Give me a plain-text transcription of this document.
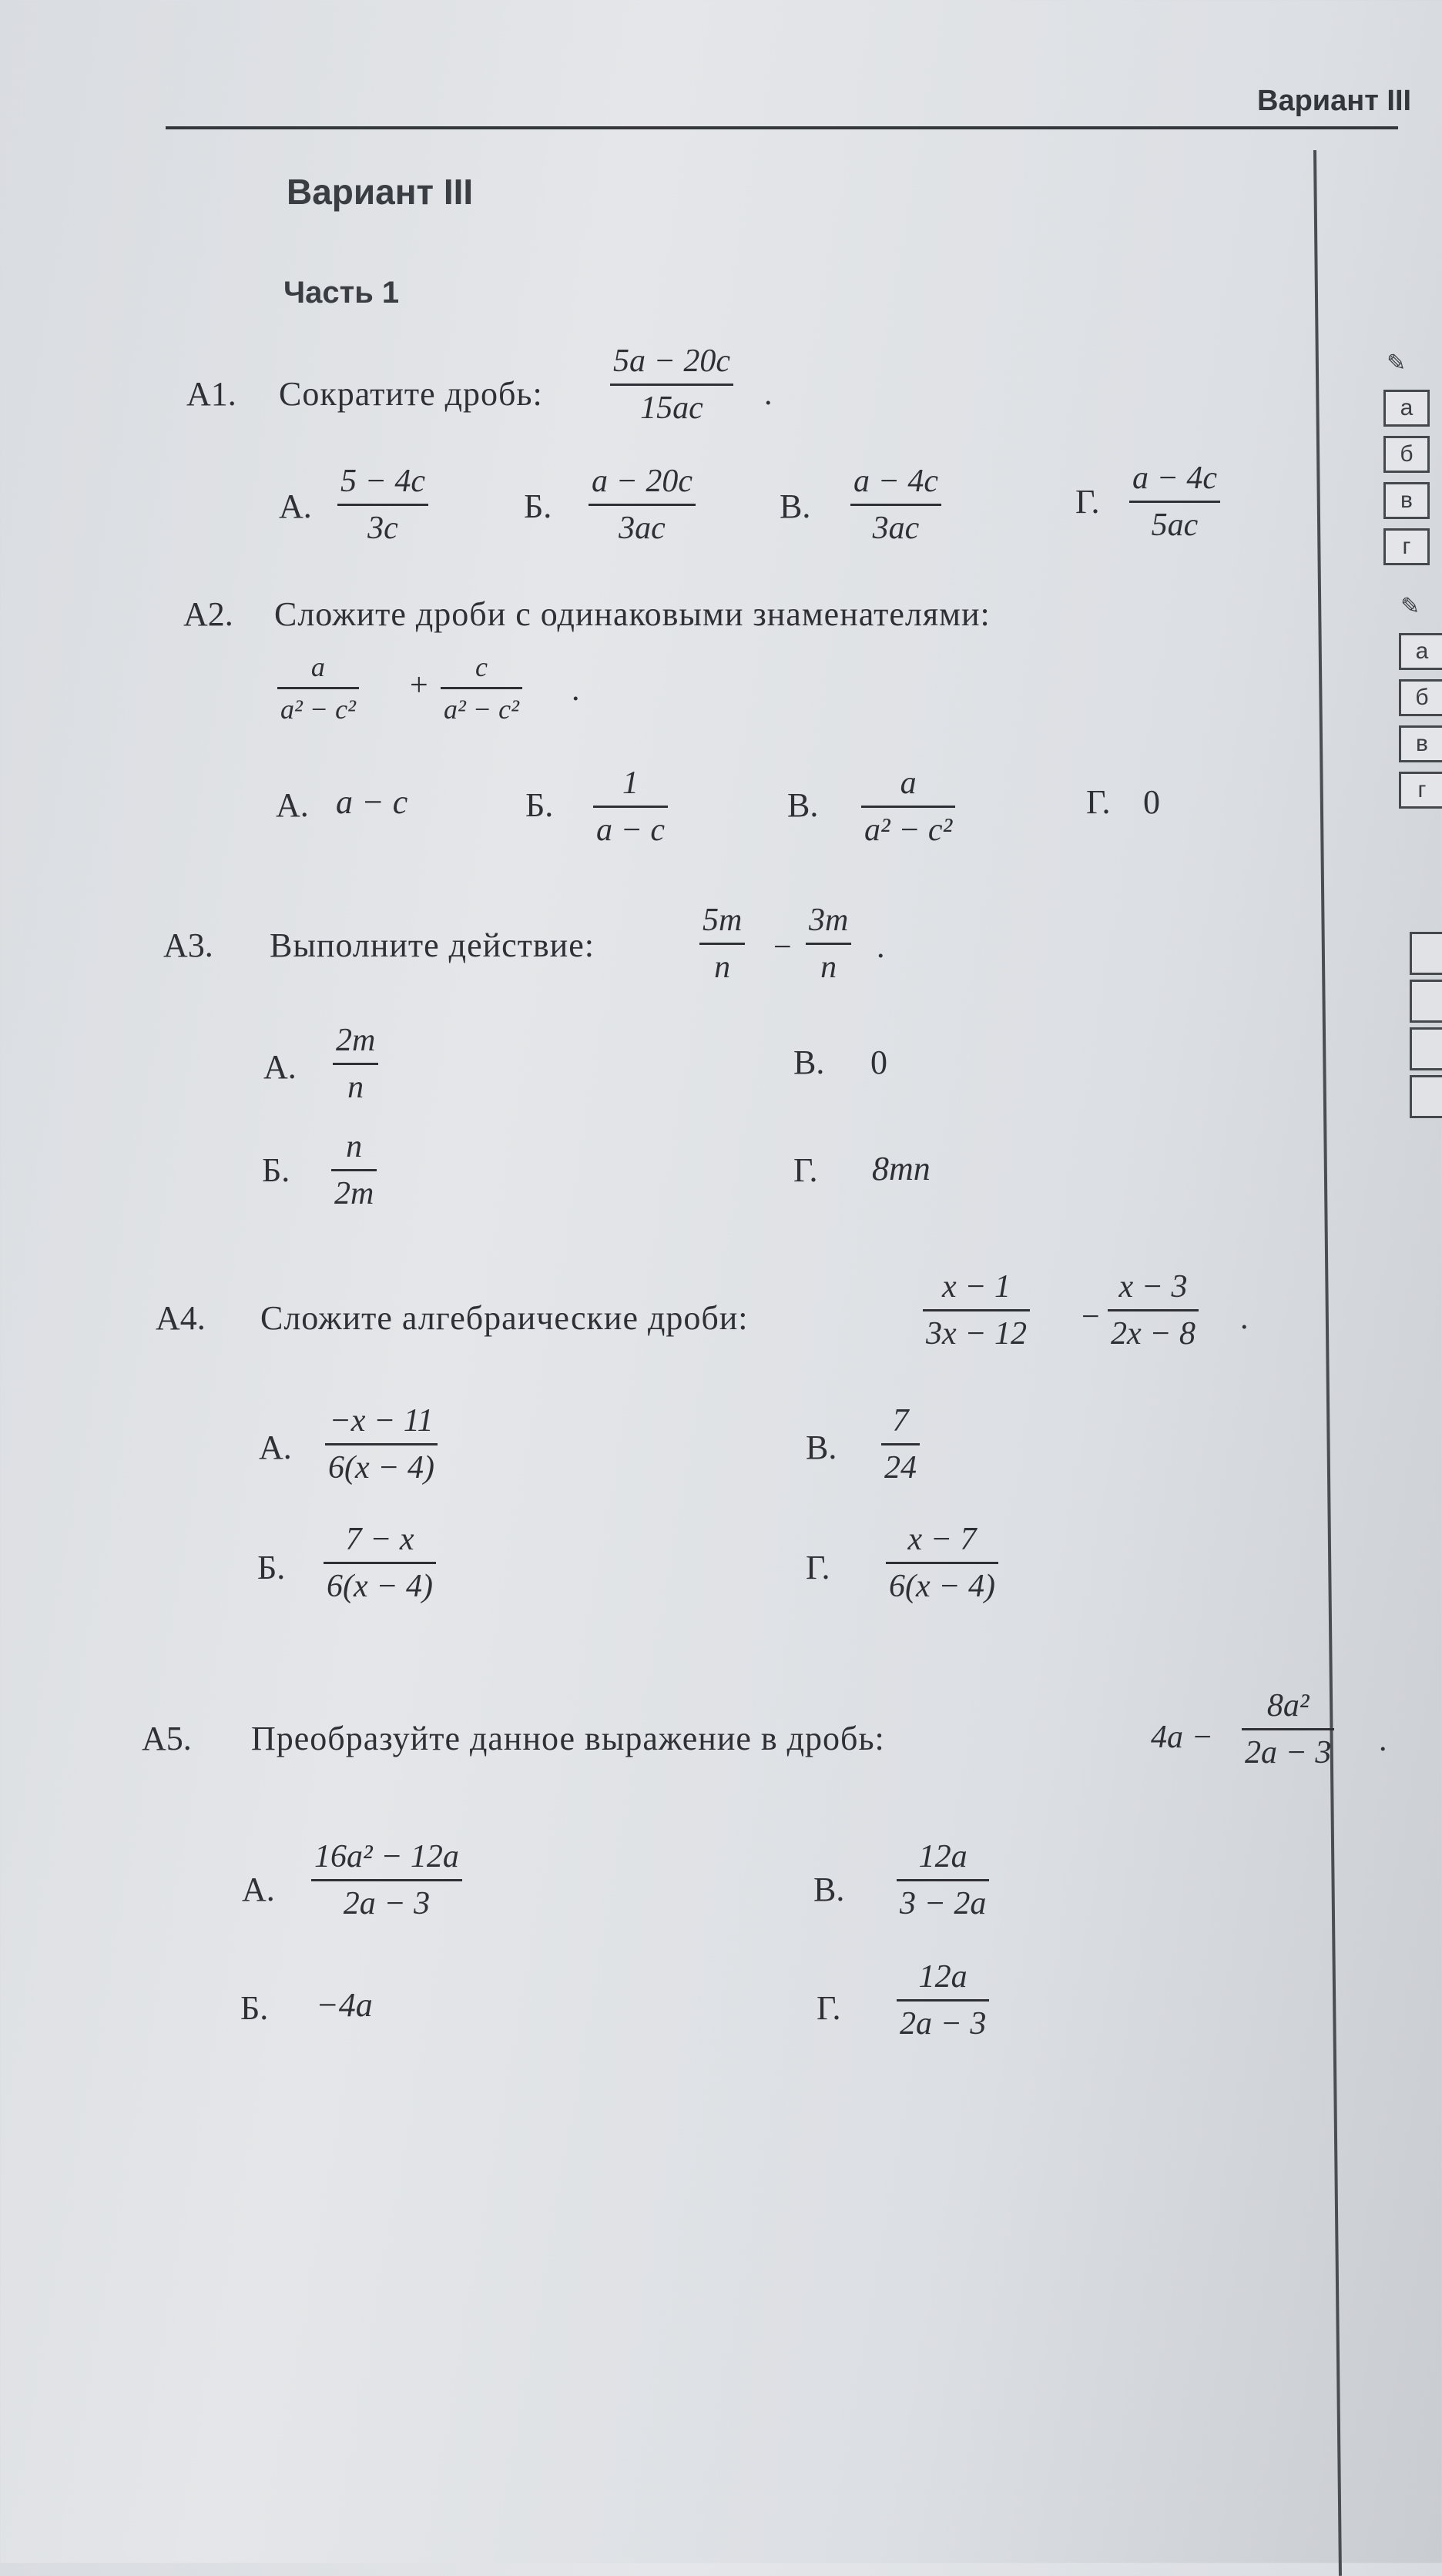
Вариант III
Вариант III
Часть 1
А1. Сократите дробь:
5a − 20c
15ac .
А.
5 − 4c
3c
Б.
a − 20c
3ac
В.
a − 4c
3ac
Г.
a − 4c
5ac
А2. Сложите дроби с одинаковыми знаменателями:
a
a² − c²
+
c
a² − c²
.
А. a − c	Б.
1
a − c
В.
a
a² − c²
Г. 0
А3. Выполните действие:
5m
n
−
3m
n
.
А.
2m
n
В. 0
Б.
n
2m
Г. 8mn
А4. Сложите алгебраические дроби:
x − 1
3x − 12 −
x − 3
2x − 8 .
А.
−x − 11
6(x − 4)
В.
7
24
Б.
7 − x
6(x − 4)	Г.
x − 7
6(x − 4)
А5. Преобразуйте данное выражение в дробь:	4a −
8a²
2a − 3 .
А.
16a² − 12a
2a − 3	В.
12a
3 − 2a
Б. −4a	Г.
12a
2a − 3
✎
а
б
в
г
✎
а
б
в
г
